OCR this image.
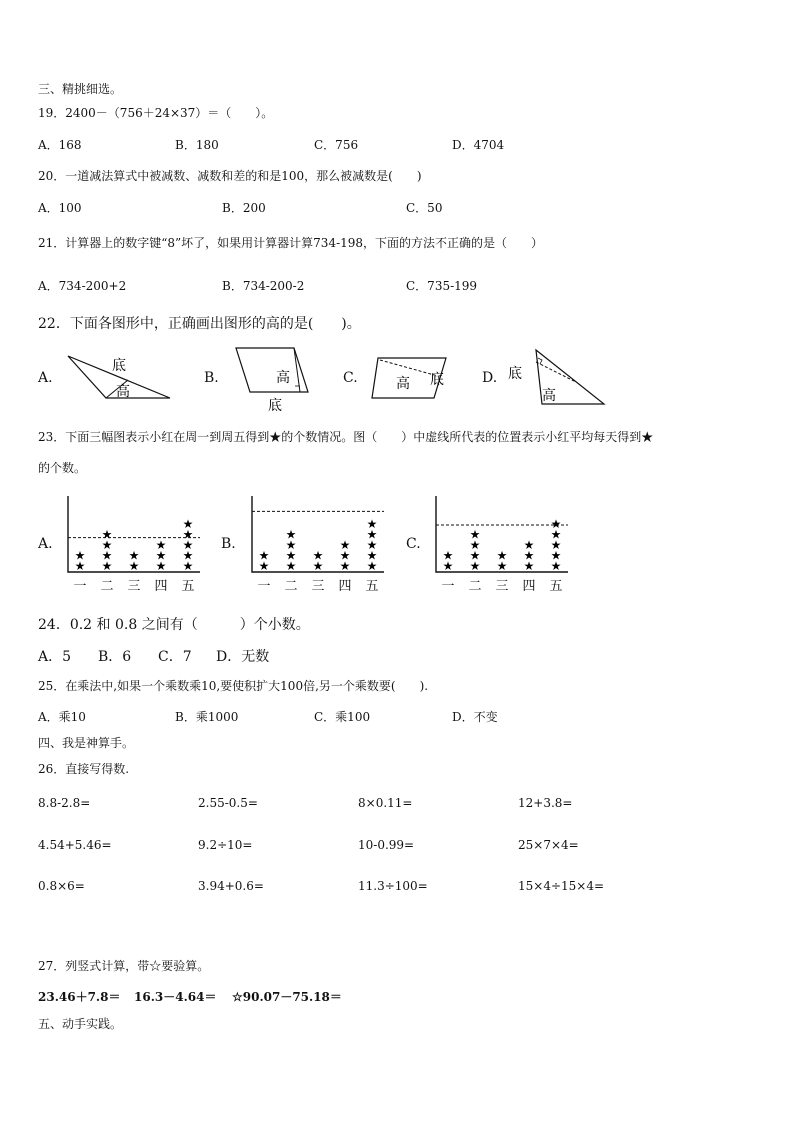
三、精挑细选。
19．2400－（756＋24×37）＝（　　）。
A．168	B．180	C．756	D．4704
20．一道减法算式中被减数、减数和差的和是100，那么被减数是(　　)
A．100	B．200	C．50
21．计算器上的数字键“8”坏了，如果用计算器计算734-198，下面的方法不正确的是（　　）
A．734-200+2	B．734-200-2	C．735-199
22．下面各图形中，正确画出图形的高的是(　　)。
A.	B.	C.	D.
底
高
高
底
高 底	底
高
23．下面三幅图表示小红在周一到周五得到★的个数情况。图（　　）中虚线所代表的位置表示小红平均每天得到★
的个数。
A.	B.	C.
★
★
一
★
★
★
★
二
★
★
三
★
★
★
四
★
★
★
★
★
五
★
★
一
★
★
★
★
二
★
★
三
★
★
★
四
★
★
★
★
★
五
★
★
一
★
★
★
★
二
★
★
三
★
★
★
四
★
★
★
★
★
五
24．0.2 和 0.8 之间有（　　　）个小数。
A．5 B．6 C．7 D．无数
25．在乘法中,如果一个乘数乘10,要使积扩大100倍,另一个乘数要(　　).
A．乘10	B．乘1000	C．乘100	D．不变
四、我是神算手。
26．直接写得数.
8.8-2.8=	2.55-0.5=	8×0.11=	12+3.8=
4.54+5.46=	9.2÷10=	10-0.99=	25×7×4=
0.8×6=	3.94+0.6=	11.3÷100=	15×4÷15×4=
27．列竖式计算，带☆要验算。
23.46＋7.8＝ 16.3－4.64＝ ☆90.07－75.18＝
五、动手实践。
